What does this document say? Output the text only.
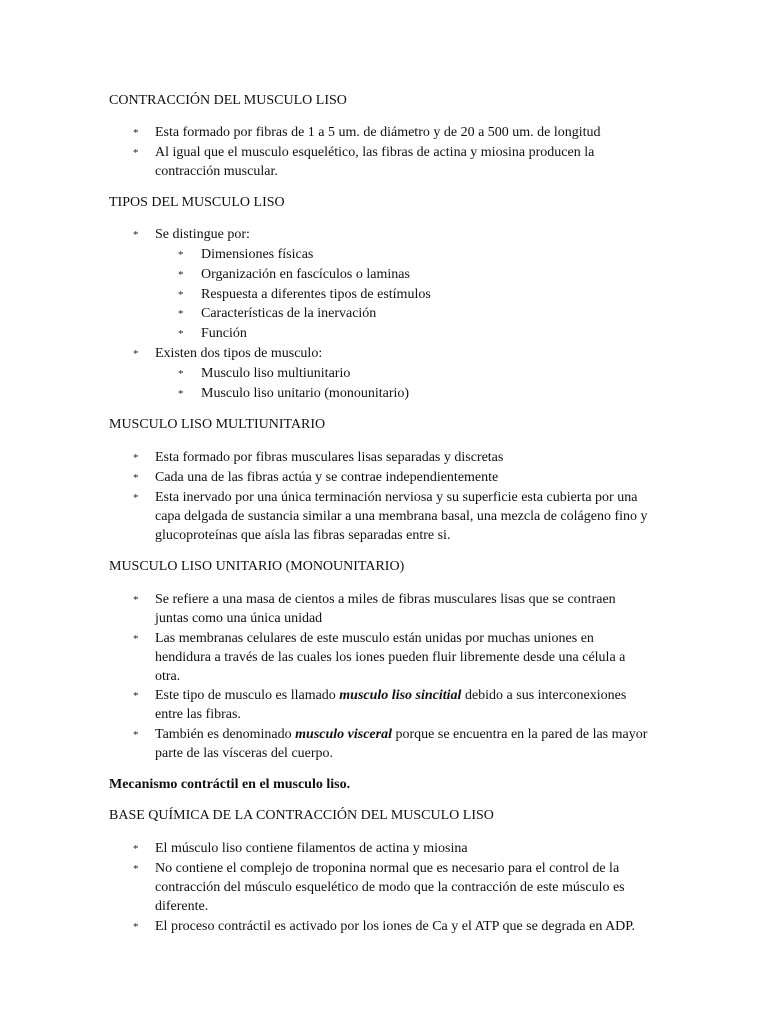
CONTRACCIÓN DEL MUSCULO LISO
* Esta formado por fibras de 1 a 5 um. de diámetro y de 20 a 500 um. de longitud

* Al igual que el musculo esquelético, las fibras de actina y miosina producen la

contracción muscular.

TIPOS DEL MUSCULO LISO
* Se distingue por:

* Dimensiones físicas

* Organización en fascículos o laminas

* Respuesta a diferentes tipos de estímulos

* Características de la inervación

* Función

* Existen dos tipos de musculo:

* Musculo liso multiunitario

* Musculo liso unitario (monounitario)

MUSCULO LISO MULTIUNITARIO
* Esta formado por fibras musculares lisas separadas y discretas

* Cada una de las fibras actúa y se contrae independientemente

* Esta inervado por una única terminación nerviosa y su superficie esta cubierta por una

capa delgada de sustancia similar a una membrana basal, una mezcla de colágeno fino y

glucoproteínas que aísla las fibras separadas entre si.

MUSCULO LISO UNITARIO (MONOUNITARIO)
* Se refiere a una masa de cientos a miles de fibras musculares lisas que se contraen

juntas como una única unidad

* Las membranas celulares de este musculo están unidas por muchas uniones en

hendidura a través de las cuales los iones pueden fluir libremente desde una célula a

otra.

* Este tipo de musculo es llamado musculo liso sincitial debido a sus interconexiones

entre las fibras.

* También es denominado musculo visceral porque se encuentra en la pared de las mayor

parte de las vísceras del cuerpo.

Mecanismo contráctil en el musculo liso.
BASE QUÍMICA DE LA CONTRACCIÓN DEL MUSCULO LISO
* El músculo liso contiene filamentos de actina y miosina

* No contiene el complejo de troponina normal que es necesario para el control de la

contracción del músculo esquelético de modo que la contracción de este músculo es

diferente.

* El proceso contráctil es activado por los iones de Ca y el ATP que se degrada en ADP.
